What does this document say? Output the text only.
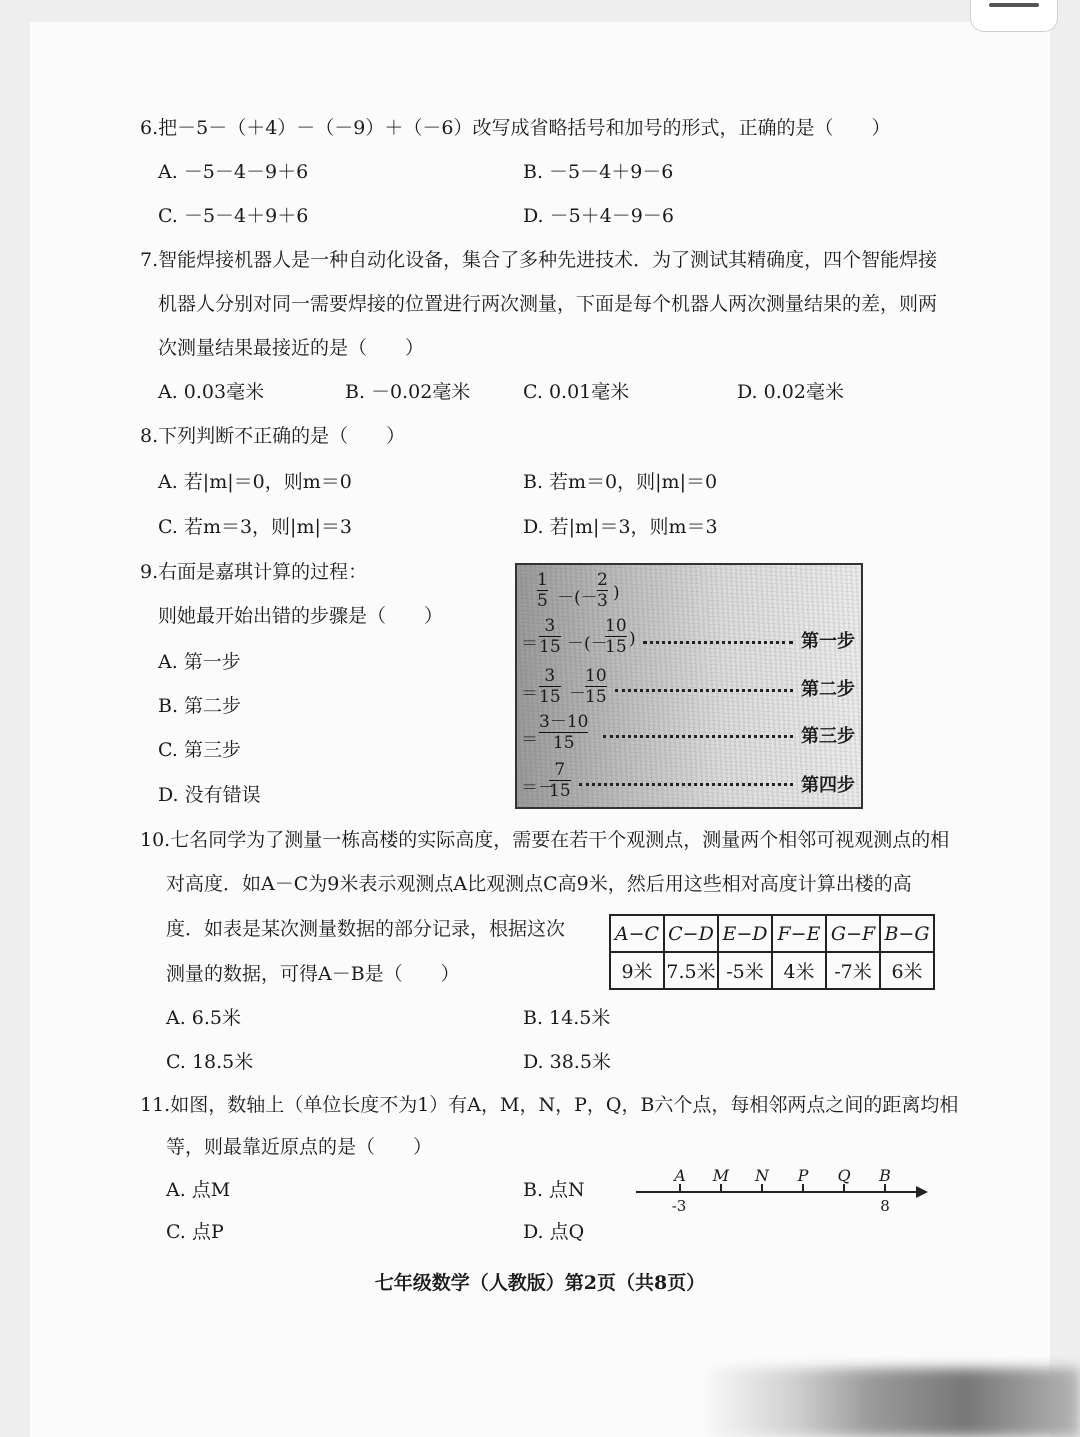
6.把－5－（＋4）－（－9）＋（－6）改写成省略括号和加号的形式，正确的是（　　）
A. －5－4－9＋6	B. －5－4＋9－6
C. －5－4＋9＋6	D. －5＋4－9－6
7.智能焊接机器人是一种自动化设备，集合了多种先进技术．为了测试其精确度，四个智能焊接
机器人分别对同一需要焊接的位置进行两次测量，下面是每个机器人两次测量结果的差，则两
次测量结果最接近的是（　　）
A. 0.03毫米	B. －0.02毫米	C. 0.01毫米	D. 0.02毫米
8.下列判断不正确的是（　　）
A. 若|m|＝0，则m＝0	B. 若m＝0，则|m|＝0
C. 若m＝3，则|m|＝3	D. 若|m|＝3，则m＝3
9.右面是嘉琪计算的过程：
则她最开始出错的步骤是（　　）
A. 第一步
B. 第二步
C. 第三步
D. 没有错误
1
5 －(－
2
3 )
＝
3
15 －(－
10
15 )	第一步
＝
3
15 －
10
15	第二步
＝
3－10
15	第三步
＝－
7
15	第四步
10.七名同学为了测量一栋高楼的实际高度，需要在若干个观测点，测量两个相邻可视观测点的相
对高度．如A－C为9米表示观测点A比观测点C高9米，然后用这些相对高度计算出楼的高
度．如表是某次测量数据的部分记录，根据这次
测量的数据，可得A－B是（　　）
A−C	C−D	E−D	F−E	G−F	B−G
9米	7.5米	-5米	4米	-7米	6米
A. 6.5米	B. 14.5米
C. 18.5米	D. 38.5米
11.如图，数轴上（单位长度不为1）有A，M，N，P，Q，B六个点，每相邻两点之间的距离均相
等，则最靠近原点的是（　　）
A. 点M	B. 点N
C. 点P	D. 点Q
A M N P Q B
-3	8
七年级数学（人教版）第2页（共8页）
